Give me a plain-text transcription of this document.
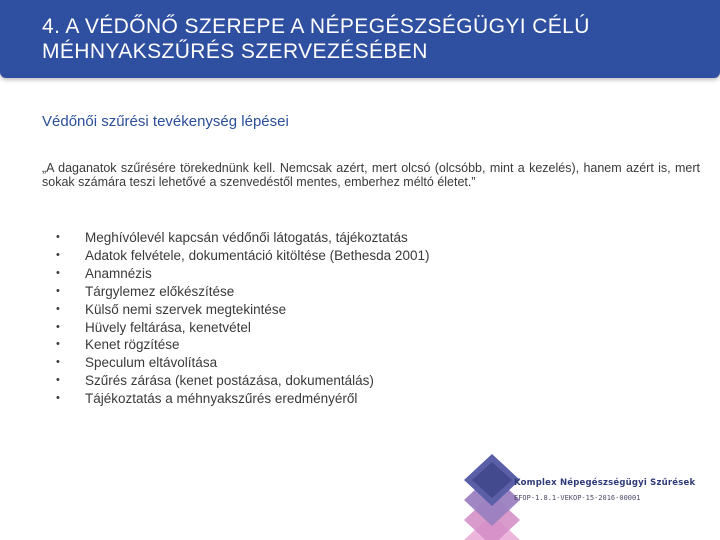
4. A VÉDŐNŐ SZEREPE A NÉPEGÉSZSÉGÜGYI CÉLÚ
MÉHNYAKSZŰRÉS SZERVEZÉSÉBEN
Védőnői szűrési tevékenység lépései

„A daganatok szűrésére törekednünk kell. Nemcsak azért, mert olcsó (olcsóbb, mint a kezelés), hanem azért is, mert sokak számára teszi lehetővé a szenvedéstől mentes, emberhez méltó életet.”

• Meghívólevél kapcsán védőnői látogatás, tájékoztatás
• Adatok felvétele, dokumentáció kitöltése (Bethesda 2001)
• Anamnézis
• Tárgylemez előkészítése
• Külső nemi szervek megtekintése
• Hüvely feltárása, kenetvétel
• Kenet rögzítése
• Speculum eltávolítása
• Szűrés zárása (kenet postázása, dokumentálás)
• Tájékoztatás a méhnyakszűrés eredményéről
Komplex Népegészségügyi Szűrések
EFOP-1.8.1-VEKOP-15-2016-00001
